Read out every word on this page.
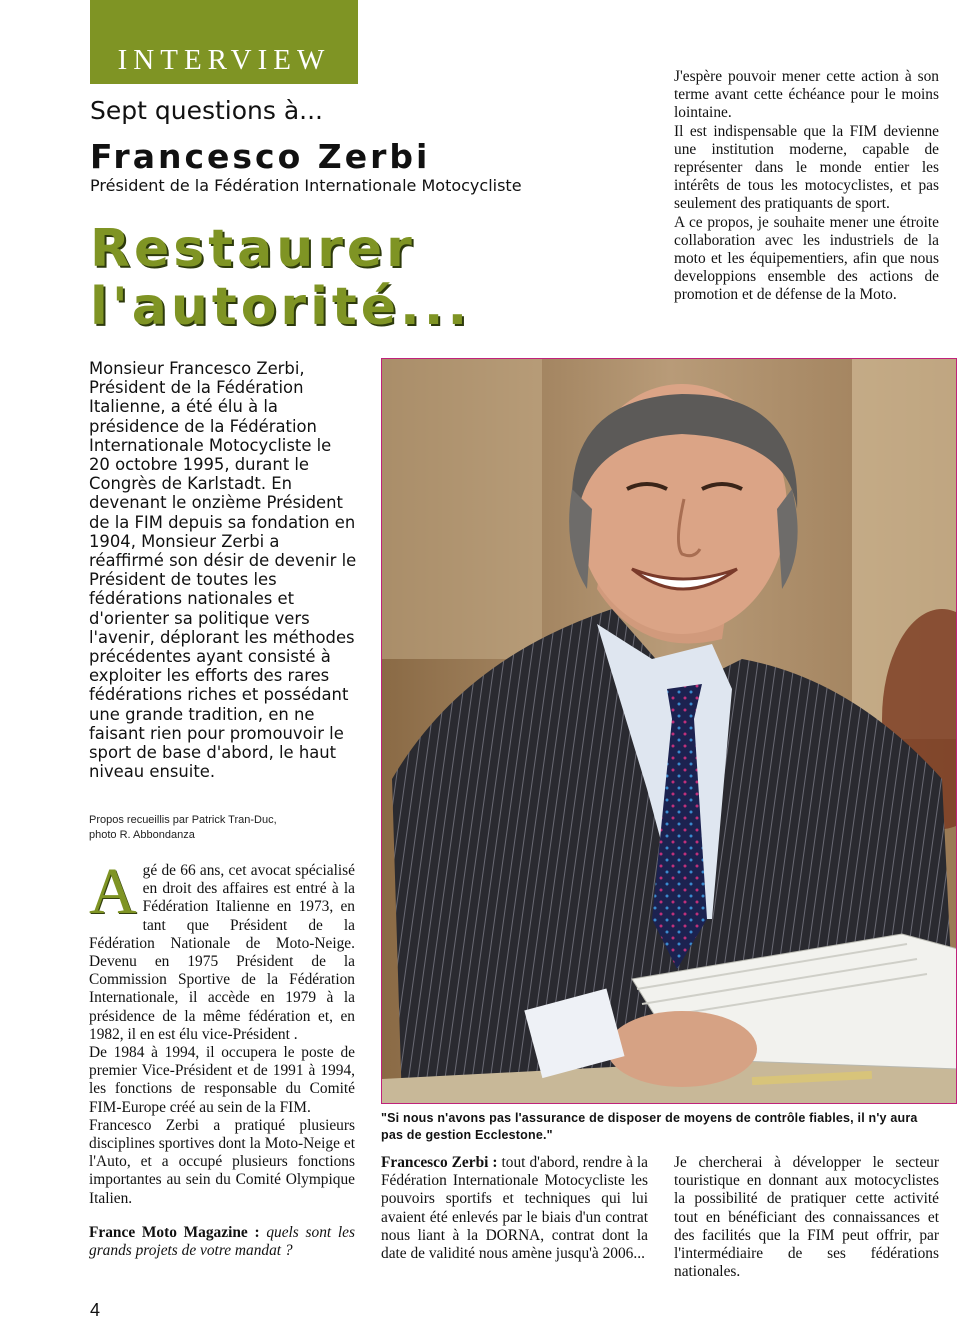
INTERVIEW
Sept questions à...
Francesco Zerbi
Président de la Fédération Internationale Motocycliste
Restaurer
l'autorité...

J'espère pouvoir mener cette action à son terme avant cette échéance pour le moins lointaine.

Il est indispensable que la FIM devienne une institution moderne, capable de représenter dans le monde entier les intérêts de tous les motocyclistes, et pas seulement des pratiquants de sport.

A ce propos, je souhaite mener une étroite collaboration avec les industriels de la moto et les équipementiers, afin que nous developpions ensemble des actions de promotion et de défense de la Moto.

Monsieur Francesco Zerbi, Président de la Fédération Italienne, a été élu à la présidence de la Fédération Internationale Motocycliste le 20 octobre 1995, durant le Congrès de Karlstadt. En devenant le onzième Président de la FIM depuis sa fondation en 1904, Monsieur Zerbi a réaffirmé son désir de devenir le Président de toutes les fédérations nationales et d'orienter sa politique vers l'avenir, déplorant les méthodes précédentes ayant consisté à exploiter les efforts des rares fédérations riches et possédant une grande tradition, en ne faisant rien pour promouvoir le sport de base d'abord, le haut niveau ensuite.

Propos recueillis par Patrick Tran-Duc,
photo R. Abbondanza

Agé de 66 ans, cet avocat spécialisé en droit des affaires est entré à la Fédération Italienne en 1973, en tant que Président de la Fédération Nationale de Moto-Neige. Devenu en 1975 Président de la Commission Sportive de la Fédération Internationale, il accède en 1979 à la présidence de la même fédération et, en 1982, il en est élu vice-Président .

De 1984 à 1994, il occupera le poste de premier Vice-Président et de 1991 à 1994, les fonctions de responsable du Comité FIM-Europe créé au sein de la FIM.

Francesco Zerbi a pratiqué plusieurs disciplines sportives dont la Moto-Neige et l'Auto, et a occupé plusieurs fonctions importantes au sein du Comité Olympique Italien.

France Moto Magazine : quels sont les grands projets de votre mandat ?

"Si nous n'avons pas l'assurance de disposer de moyens de contrôle fiables, il n'y aura pas de gestion Ecclestone."

Francesco Zerbi : tout d'abord, rendre à la Fédération Internationale Motocycliste les pouvoirs sportifs et techniques qui lui avaient été enlevés par le biais d'un contrat nous liant à la DORNA, contrat dont la date de validité nous amène jusqu'à 2006...

Je chercherai à développer le secteur touristique en donnant aux motocyclistes la possibilité de pratiquer cette activité tout en bénéficiant des connaissances et des facilités que la FIM peut offrir, par l'intermédiaire de ses fédérations nationales.

4
